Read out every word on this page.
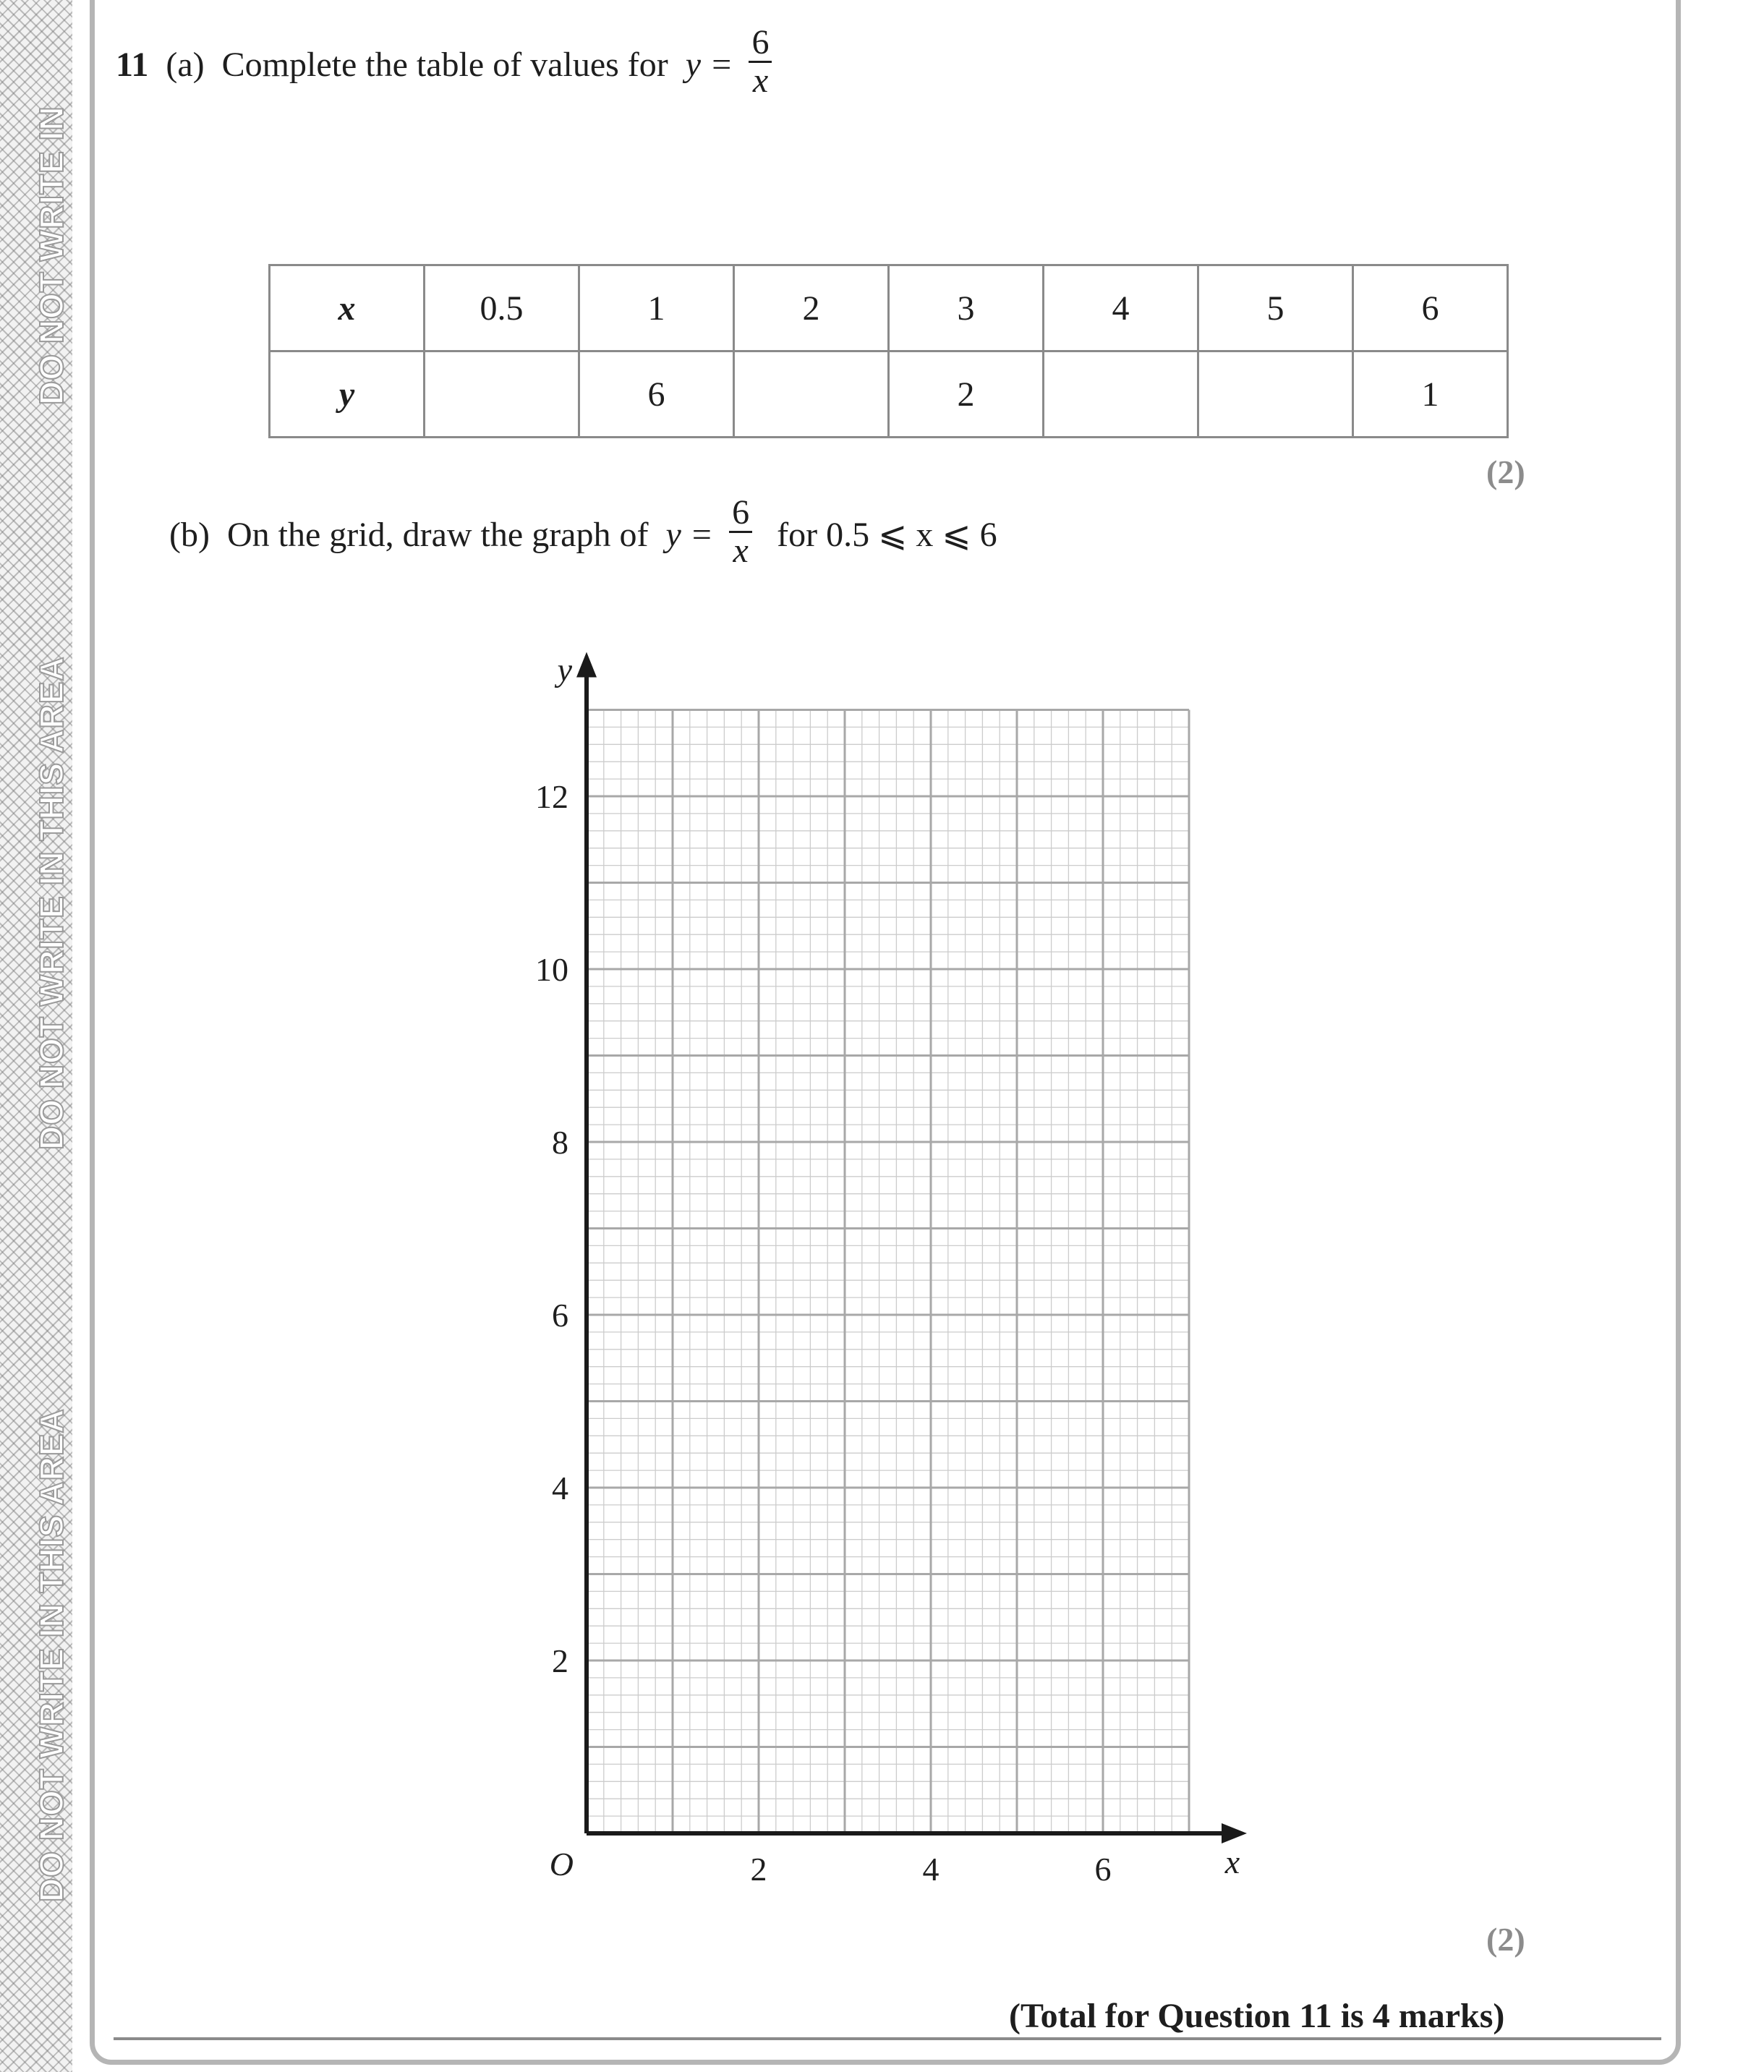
DO NOT WRITE IN
DO NOT WRITE IN THIS AREA
DO NOT WRITE IN THIS AREA
11 (a) Complete the table of values for $y = \frac{6}{x}$
x	0.5	1	2	3	4	5	6
y		6		2			1
(2)
(b) On the grid, draw the graph of $y = \frac{6}{x}$ for 0.5 ⩽ x ⩽ 6
2	4	6
2
4
6
8
10
12
O	x
y
(2)
(Total for Question 11 is 4 marks)
